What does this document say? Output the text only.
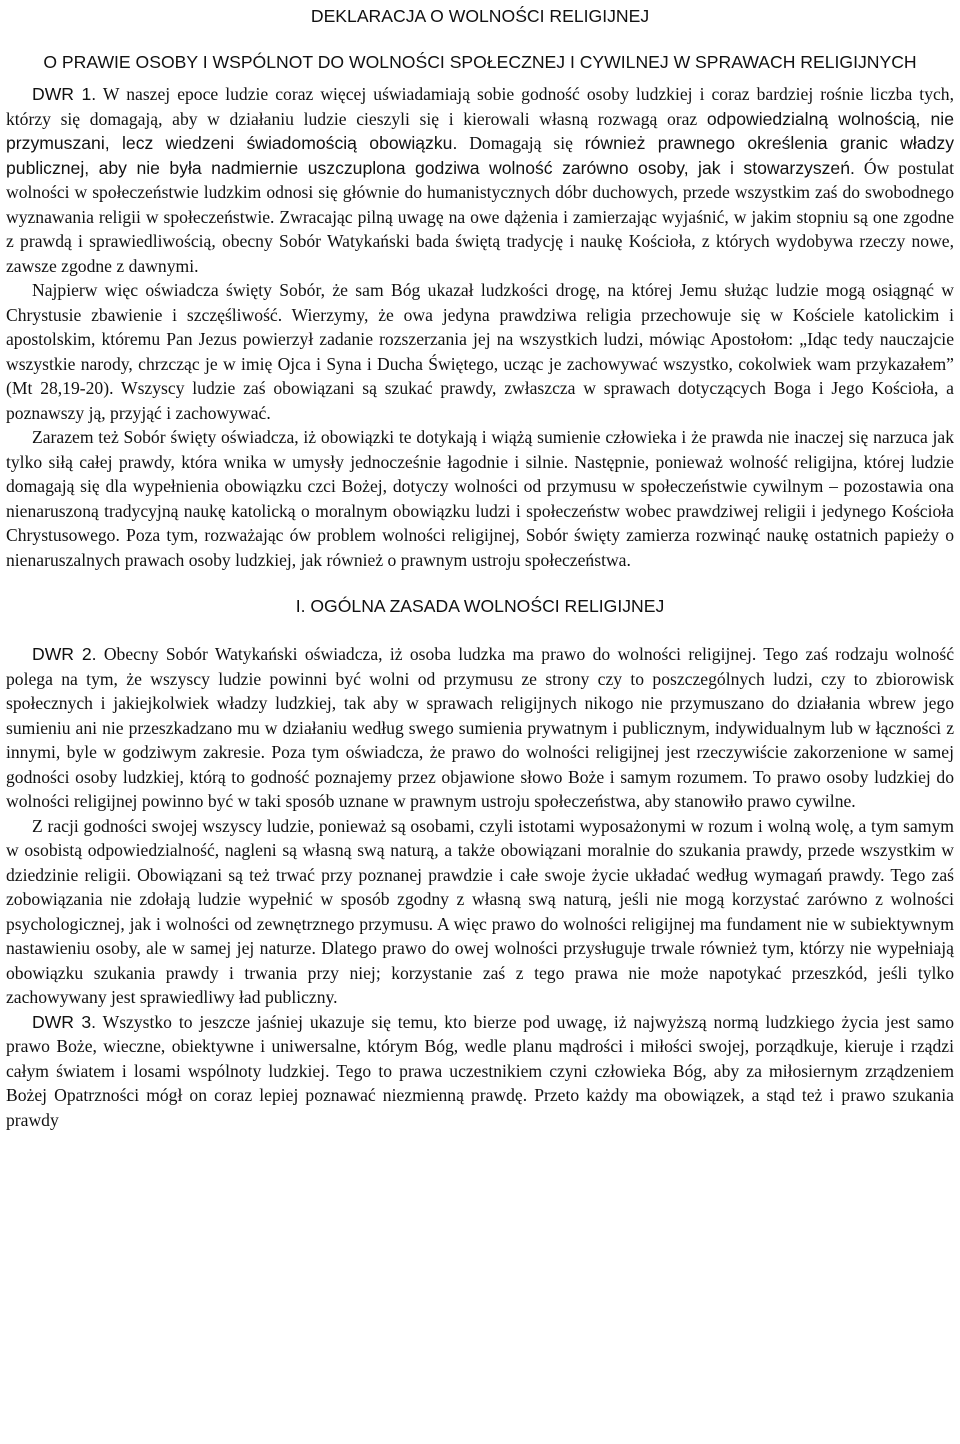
DEKLARACJA O WOLNOŚCI RELIGIJNEJ

O PRAWIE OSOBY I WSPÓLNOT DO WOLNOŚCI SPOŁECZNEJ I CYWILNEJ W SPRAWACH RELIGIJNYCH

DWR 1. W naszej epoce ludzie coraz więcej uświadamiają sobie godność osoby ludzkiej i coraz bardziej rośnie liczba tych, którzy się domagają, aby w działaniu ludzie cieszyli się i kierowali własną rozwagą oraz odpowiedzialną wolnością, nie przymuszani, lecz wiedzeni świadomością obowiązku. Domagają się również prawnego określenia granic władzy publicznej, aby nie była nadmiernie uszczuplona godziwa wolność zarówno osoby, jak i stowarzyszeń. Ów postulat wolności w społeczeństwie ludzkim odnosi się głównie do humanistycznych dóbr duchowych, przede wszystkim zaś do swobodnego wyznawania religii w społeczeństwie. Zwracając pilną uwagę na owe dążenia i zamierzając wyjaśnić, w jakim stopniu są one zgodne z prawdą i sprawiedliwością, obecny Sobór Watykański bada świętą tradycję i naukę Kościoła, z których wydobywa rzeczy nowe, zawsze zgodne z dawnymi.

Najpierw więc oświadcza święty Sobór, że sam Bóg ukazał ludzkości drogę, na której Jemu służąc ludzie mogą osiągnąć w Chrystusie zbawienie i szczęśliwość. Wierzymy, że owa jedyna prawdziwa religia przechowuje się w Kościele katolickim i apostolskim, któremu Pan Jezus powierzył zadanie rozszerzania jej na wszystkich ludzi, mówiąc Apostołom: „Idąc tedy nauczajcie wszystkie narody, chrzcząc je w imię Ojca i Syna i Ducha Świętego, ucząc je zachowywać wszystko, cokolwiek wam przykazałem” (Mt 28,19-20). Wszyscy ludzie zaś obowiązani są szukać prawdy, zwłaszcza w sprawach dotyczących Boga i Jego Kościoła, a poznawszy ją, przyjąć i zachowywać.

Zarazem też Sobór święty oświadcza, iż obowiązki te dotykają i wiążą sumienie człowieka i że prawda nie inaczej się narzuca jak tylko siłą całej prawdy, która wnika w umysły jednocześnie łagodnie i silnie. Następnie, ponieważ wolność religijna, której ludzie domagają się dla wypełnienia obowiązku czci Bożej, dotyczy wolności od przymusu w społeczeństwie cywilnym – pozostawia ona nienaruszoną tradycyjną naukę katolicką o moralnym obowiązku ludzi i społeczeństw wobec prawdziwej religii i jedynego Kościoła Chrystusowego. Poza tym, rozważając ów problem wolności religijnej, Sobór święty zamierza rozwinąć naukę ostatnich papieży o nienaruszalnych prawach osoby ludzkiej, jak również o prawnym ustroju społeczeństwa.

I. OGÓLNA ZASADA WOLNOŚCI RELIGIJNEJ

DWR 2. Obecny Sobór Watykański oświadcza, iż osoba ludzka ma prawo do wolności religijnej. Tego zaś rodzaju wolność polega na tym, że wszyscy ludzie powinni być wolni od przymusu ze strony czy to poszczególnych ludzi, czy to zbiorowisk społecznych i jakiejkolwiek władzy ludzkiej, tak aby w sprawach religijnych nikogo nie przymuszano do działania wbrew jego sumieniu ani nie przeszkadzano mu w działaniu według swego sumienia prywatnym i publicznym, indywidualnym lub w łączności z innymi, byle w godziwym zakresie. Poza tym oświadcza, że prawo do wolności religijnej jest rzeczywiście zakorzenione w samej godności osoby ludzkiej, którą to godność poznajemy przez objawione słowo Boże i samym rozumem. To prawo osoby ludzkiej do wolności religijnej powinno być w taki sposób uznane w prawnym ustroju społeczeństwa, aby stanowiło prawo cywilne.

Z racji godności swojej wszyscy ludzie, ponieważ są osobami, czyli istotami wyposażonymi w rozum i wolną wolę, a tym samym w osobistą odpowiedzialność, nagleni są własną swą naturą, a także obowiązani moralnie do szukania prawdy, przede wszystkim w dziedzinie religii. Obowiązani są też trwać przy poznanej prawdzie i całe swoje życie układać według wymagań prawdy. Tego zaś zobowiązania nie zdołają ludzie wypełnić w sposób zgodny z własną swą naturą, jeśli nie mogą korzystać zarówno z wolności psychologicznej, jak i wolności od zewnętrznego przymusu. A więc prawo do wolności religijnej ma fundament nie w subiektywnym nastawieniu osoby, ale w samej jej naturze. Dlatego prawo do owej wolności przysługuje trwale również tym, którzy nie wypełniają obowiązku szukania prawdy i trwania przy niej; korzystanie zaś z tego prawa nie może napotykać przeszkód, jeśli tylko zachowywany jest sprawiedliwy ład publiczny.

DWR 3. Wszystko to jeszcze jaśniej ukazuje się temu, kto bierze pod uwagę, iż najwyższą normą ludzkiego życia jest samo prawo Boże, wieczne, obiektywne i uniwersalne, którym Bóg, wedle planu mądrości i miłości swojej, porządkuje, kieruje i rządzi całym światem i losami wspólnoty ludzkiej. Tego to prawa uczestnikiem czyni człowieka Bóg, aby za miłosiernym zrządzeniem Bożej Opatrzności mógł on coraz lepiej poznawać niezmienną prawdę. Przeto każdy ma obowiązek, a stąd też i prawo szukania prawdy
